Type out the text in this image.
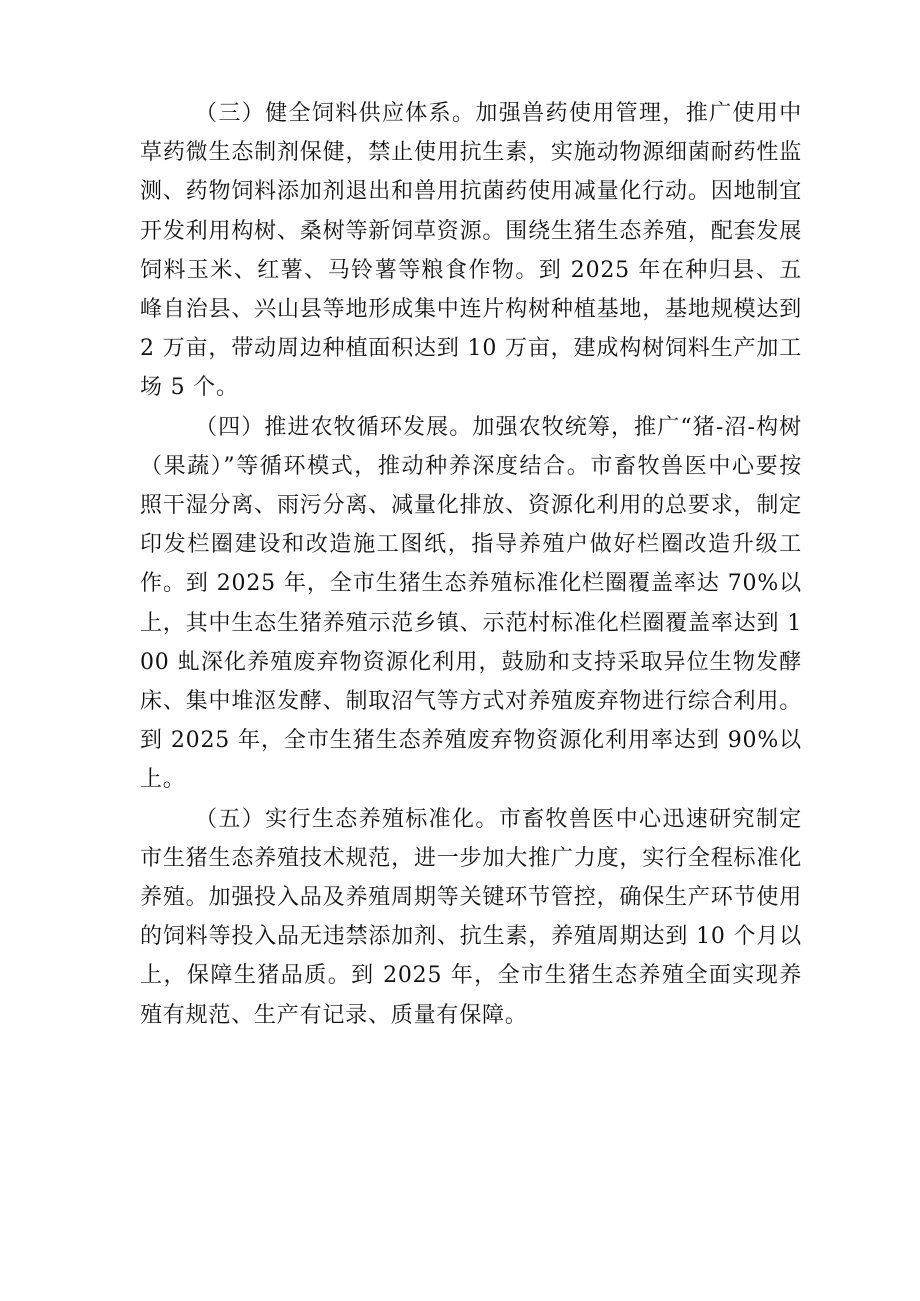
（三）健全饲料供应体系。加强兽药使用管理，推广使用中草药微生态制剂保健，禁止使用抗生素，实施动物源细菌耐药性监测、药物饲料添加剂退出和兽用抗菌药使用减量化行动。因地制宜开发利用构树、桑树等新饲草资源。围绕生猪生态养殖，配套发展饲料玉米、红薯、马铃薯等粮食作物。到 2025 年在种归县、五峰自治县、兴山县等地形成集中连片构树种植基地，基地规模达到 2 万亩，带动周边种植面积达到 10 万亩，建成构树饲料生产加工场 5 个。

（四）推进农牧循环发展。加强农牧统筹，推广“猪-沼-构树（果蔬）”等循环模式，推动种养深度结合。市畜牧兽医中心要按照干湿分离、雨污分离、减量化排放、资源化利用的总要求，制定印发栏圈建设和改造施工图纸，指导养殖户做好栏圈改造升级工作。到 2025 年，全市生猪生态养殖标准化栏圈覆盖率达 70%以上，其中生态生猪养殖示范乡镇、示范村标准化栏圈覆盖率达到 100 虬深化养殖废弃物资源化利用，鼓励和支持采取异位生物发酵床、集中堆沤发酵、制取沼气等方式对养殖废弃物进行综合利用。到 2025 年，全市生猪生态养殖废弃物资源化利用率达到 90%以上。

（五）实行生态养殖标准化。市畜牧兽医中心迅速研究制定市生猪生态养殖技术规范，进一步加大推广力度，实行全程标准化养殖。加强投入品及养殖周期等关键环节管控，确保生产环节使用的饲料等投入品无违禁添加剂、抗生素，养殖周期达到 10 个月以上，保障生猪品质。到 2025 年，全市生猪生态养殖全面实现养殖有规范、生产有记录、质量有保障。
